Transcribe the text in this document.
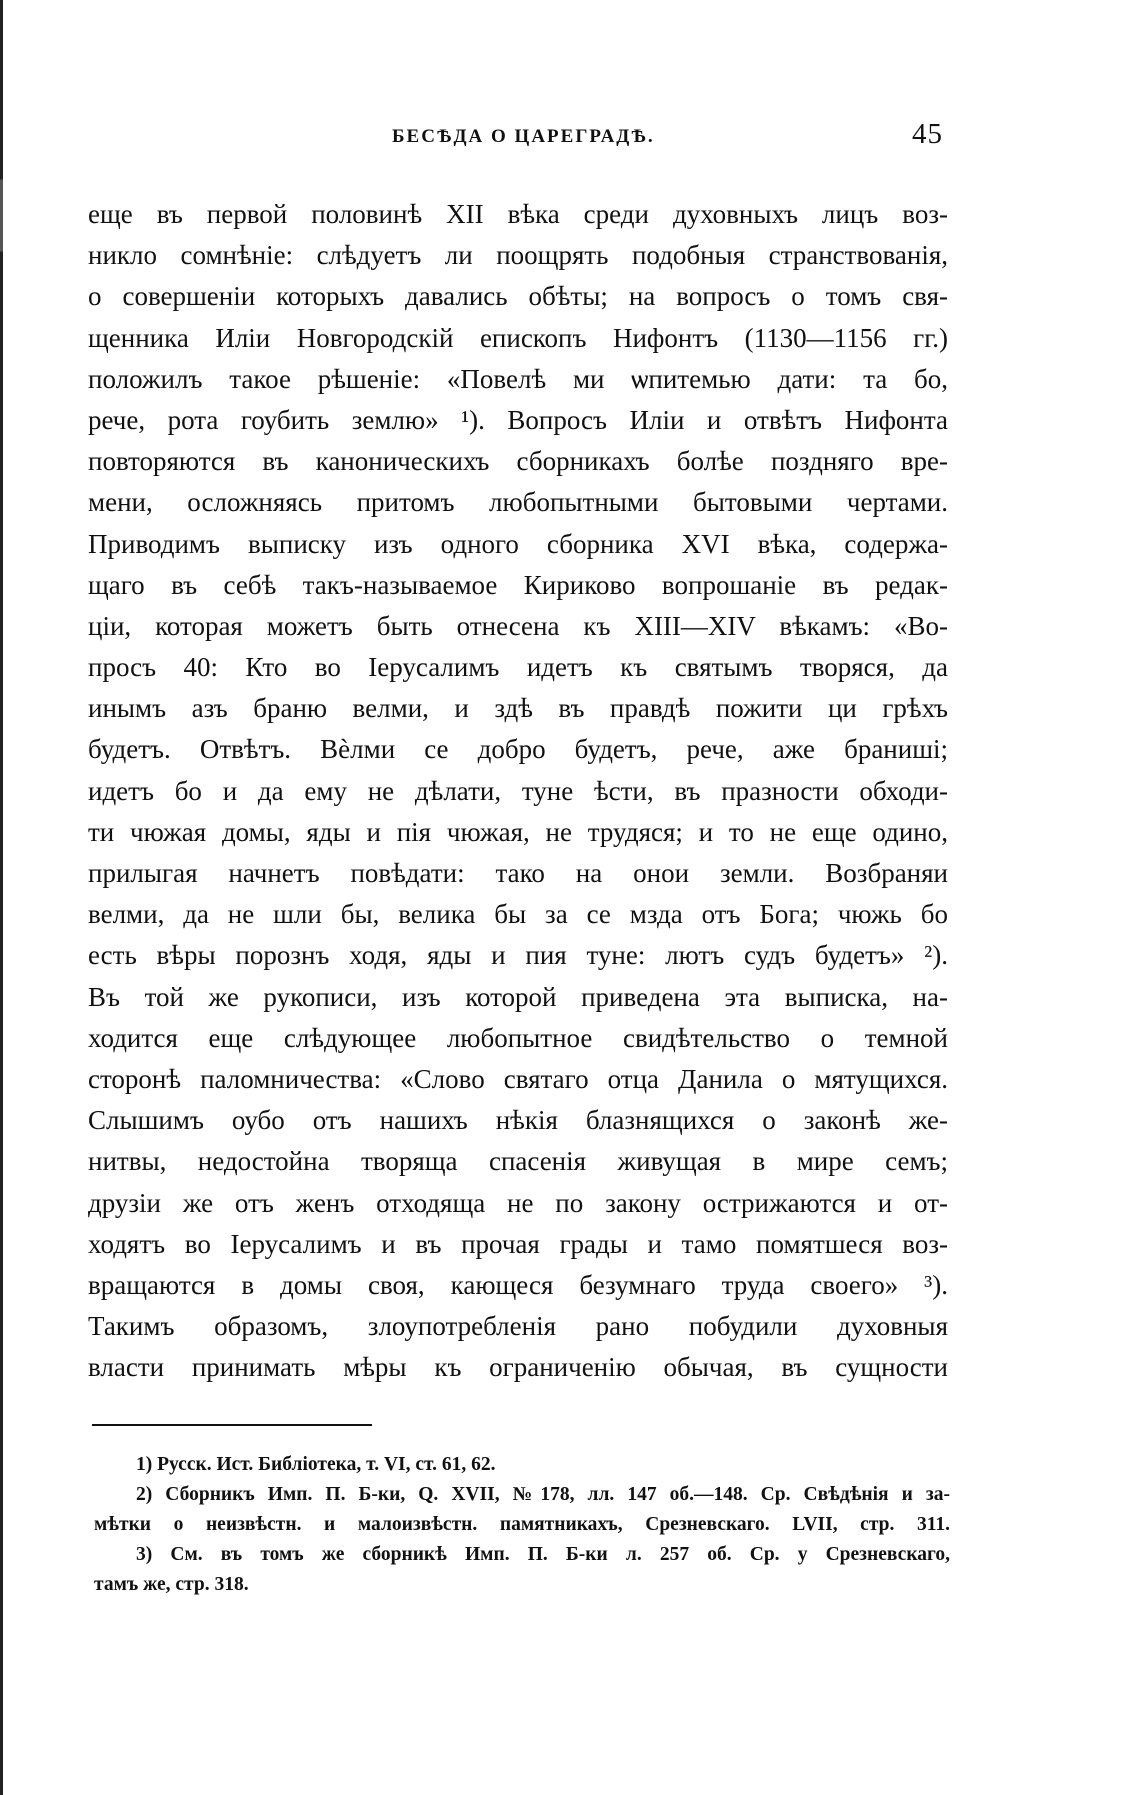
БЕСѢДА О ЦАРЕГРАДѢ.	45
еще въ первой половинѣ XII вѣка среди духовныхъ лицъ воз-
никло сомнѣніе: слѣдуетъ ли поощрять подобныя странствованія,
о совершеніи которыхъ давались обѣты; на вопросъ о томъ свя-
щенника Иліи Новгородскій епископъ Нифонтъ (1130—1156 гг.)
положилъ такое рѣшеніе: «Повелѣ ми ѡпитемью дати: та бо,
рече, рота гоубить землю» ¹). Вопросъ Иліи и отвѣтъ Нифонта
повторяются въ каноническихъ сборникахъ болѣе поздняго вре-
мени, осложняясь притомъ любопытными бытовыми чертами.
Приводимъ выписку изъ одного сборника XVI вѣка, содержа-
щаго въ себѣ такъ-называемое Кириково вопрошаніе въ редак-
ціи, которая можетъ быть отнесена къ XIII—XIV вѣкамъ: «Во-
просъ 40: Кто во Іерусалимъ идетъ къ святымъ творяся, да
инымъ азъ браню велми, и здѣ въ правдѣ пожити ци грѣхъ
будетъ. Отвѣтъ. Вѐлми се добро будетъ, рече, аже бранишi;
идетъ бо и да ему не дѣлати, туне ѣсти, въ празности обходи-
ти чюжая домы, яды и пія чюжая, не трудяся; и то не еще одино,
прилыгая начнетъ повѣдати: тако на онои земли. Возбраняи
велми, да не шли бы, велика бы за се мзда отъ Бога; чюжь бо
есть вѣры порознъ ходя, яды и пия туне: лютъ судъ будетъ» ²).
Въ той же рукописи, изъ которой приведена эта выписка, на-
ходится еще слѣдующее любопытное свидѣтельство о темной
сторонѣ паломничества: «Слово святаго отца Данила о мятущихся.
Слышимъ оубо отъ нашихъ нѣкія блазнящихся о законѣ же-
нитвы, недостойна творяща спасенія живущая в мире семъ;
друзіи же отъ женъ отходяща не по закону острижаются и от-
ходятъ во Іерусалимъ и въ прочая грады и тамо помятшеся воз-
вращаются в домы своя, кающеся безумнаго труда своего» ³).
Такимъ образомъ, злоупотребленія рано побудили духовныя
власти принимать мѣры къ ограниченію обычая, въ сущности
1) Русск. Ист. Библіотека, т. VI, ст. 61, 62.
2) Сборникъ Имп. П. Б-ки, Q. XVII, №178, лл. 147 об.—148. Ср. Свѣдѣнія и за-
мѣтки о неизвѣстн. и малоизвѣстн. памятникахъ, Срезневскаго. LVII, стр. 311.
3) См. въ томъ же сборникѣ Имп. П. Б-ки л. 257 об. Ср. у Срезневскаго,
тамъ же, стр. 318.
